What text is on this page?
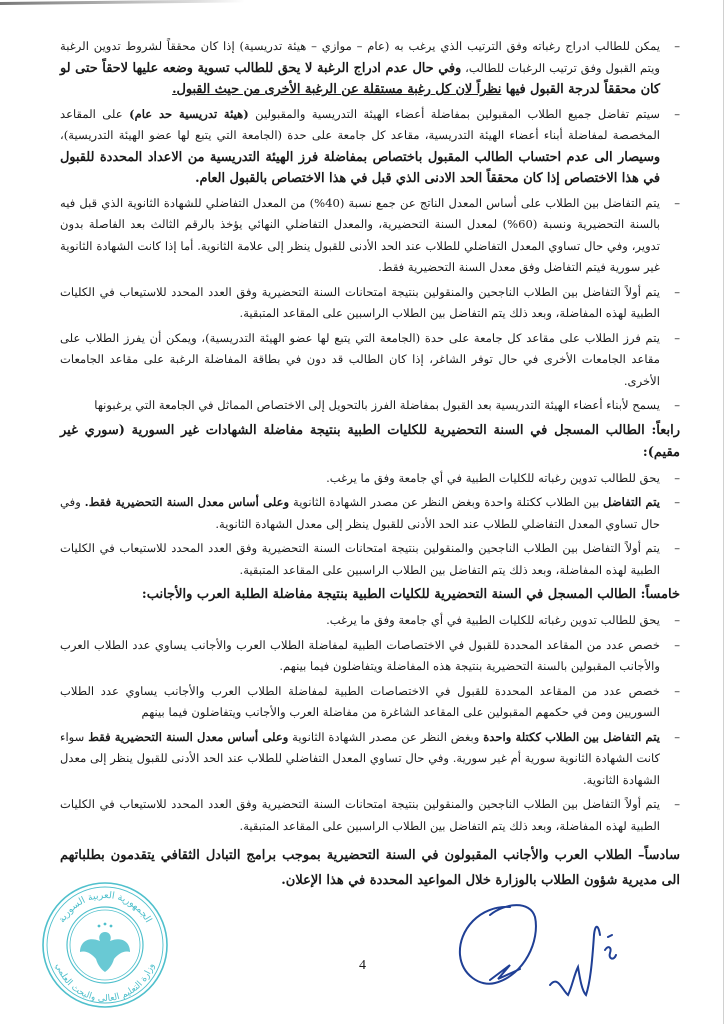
– يمكن للطالب ادراج رغباته وفق الترتيب الذي يرغب به (عام – موازي – هيئة تدريسية) إذا كان محققاً لشروط تدوين الرغبة ويتم القبول وفق ترتيب الرغبات للطالب، وفي حال عدم ادراج الرغبة لا يحق للطالب تسوية وضعه عليها لاحقاً حتى لو كان محققاً لدرجة القبول فيها نظراً لان كل رغبة مستقلة عن الرغبة الأخرى من حيث القبول.
– سيتم تفاضل جميع الطلاب المقبولين بمفاضلة أعضاء الهيئة التدريسية والمقبولين (هيئة تدريسية حد عام) على المقاعد المخصصة لمفاضلة أبناء أعضاء الهيئة التدريسية، مقاعد كل جامعة على حدة (الجامعة التي يتبع لها عضو الهيئة التدريسية)، وسيصار الى عدم احتساب الطالب المقبول باختصاص بمفاضلة فرز الهيئة التدريسية من الاعداد المحددة للقبول في هذا الاختصاص إذا كان محققاً الحد الادنى الذي قبل في هذا الاختصاص بالقبول العام.
– يتم التفاضل بين الطلاب على أساس المعدل الناتج عن جمع نسبة (40%) من المعدل التفاضلي للشهادة الثانوية الذي قبل فيه بالسنة التحضيرية ونسبة (60%) لمعدل السنة التحضيرية، والمعدل التفاضلي النهائي يؤخذ بالرقم الثالث بعد الفاصلة بدون تدوير، وفي حال تساوي المعدل التفاضلي للطلاب عند الحد الأدنى للقبول ينظر إلى علامة الثانوية. أما إذا كانت الشهادة الثانوية غير سورية فيتم التفاضل وفق معدل السنة التحضيرية فقط.
– يتم أولاً التفاضل بين الطلاب الناجحين والمنقولين بنتيجة امتحانات السنة التحضيرية وفق العدد المحدد للاستيعاب في الكليات الطبية لهذه المفاضلة، وبعد ذلك يتم التفاضل بين الطلاب الراسبين على المقاعد المتبقية.
– يتم فرز الطلاب على مقاعد كل جامعة على حدة (الجامعة التي يتبع لها عضو الهيئة التدريسية)، ويمكن أن يفرز الطلاب على مقاعد الجامعات الأخرى في حال توفر الشاغر، إذا كان الطالب قد دون في بطاقة المفاضلة الرغبة على مقاعد الجامعات الأخرى.
– يسمح لأبناء أعضاء الهيئة التدريسية بعد القبول بمفاضلة الفرز بالتحويل إلى الاختصاص المماثل في الجامعة التي يرغبونها
رابعاً: الطالب المسجل في السنة التحضيرية للكليات الطبية بنتيجة مفاضلة الشهادات غير السورية (سوري غير مقيم):
– يحق للطالب تدوين رغباته للكليات الطبية في أي جامعة وفق ما يرغب.
– يتم التفاضل بين الطلاب ككتلة واحدة وبغض النظر عن مصدر الشهادة الثانوية وعلى أساس معدل السنة التحضيرية فقط. وفي حال تساوي المعدل التفاضلي للطلاب عند الحد الأدنى للقبول ينظر إلى معدل الشهادة الثانوية.
– يتم أولاً التفاضل بين الطلاب الناجحين والمنقولين بنتيجة امتحانات السنة التحضيرية وفق العدد المحدد للاستيعاب في الكليات الطبية لهذه المفاضلة، وبعد ذلك يتم التفاضل بين الطلاب الراسبين على المقاعد المتبقية.
خامساً: الطالب المسجل في السنة التحضيرية للكليات الطبية بنتيجة مفاضلة الطلبة العرب والأجانب:
– يحق للطالب تدوين رغباته للكليات الطبية في أي جامعة وفق ما يرغب.
– خصص عدد من المقاعد المحددة للقبول في الاختصاصات الطبية لمفاضلة الطلاب العرب والأجانب يساوي عدد الطلاب العرب والأجانب المقبولين بالسنة التحضيرية بنتيجة هذه المفاضلة ويتفاضلون فيما بينهم.
– خصص عدد من المقاعد المحددة للقبول في الاختصاصات الطبية لمفاضلة الطلاب العرب والأجانب يساوي عدد الطلاب السوريين ومن في حكمهم المقبولين على المقاعد الشاغرة من مفاضلة العرب والأجانب ويتفاضلون فيما بينهم
– يتم التفاضل بين الطلاب ككتلة واحدة وبغض النظر عن مصدر الشهادة الثانوية وعلى أساس معدل السنة التحضيرية فقط سواء كانت الشهادة الثانوية سورية أم غير سورية. وفي حال تساوي المعدل التفاضلي للطلاب عند الحد الأدنى للقبول ينظر إلى معدل الشهادة الثانوية.
– يتم أولاً التفاضل بين الطلاب الناجحين والمنقولين بنتيجة امتحانات السنة التحضيرية وفق العدد المحدد للاستيعاب في الكليات الطبية لهذه المفاضلة، وبعد ذلك يتم التفاضل بين الطلاب الراسبين على المقاعد المتبقية.
سادساً– الطلاب العرب والأجانب المقبولون في السنة التحضيرية بموجب برامج التبادل الثقافي يتقدمون بطلباتهم الى مديرية شؤون الطلاب بالوزارة خلال المواعيد المحددة في هذا الإعلان.
4
الجمهورية العربية السورية
وزارة التعليم العالي والبحث العلمي
